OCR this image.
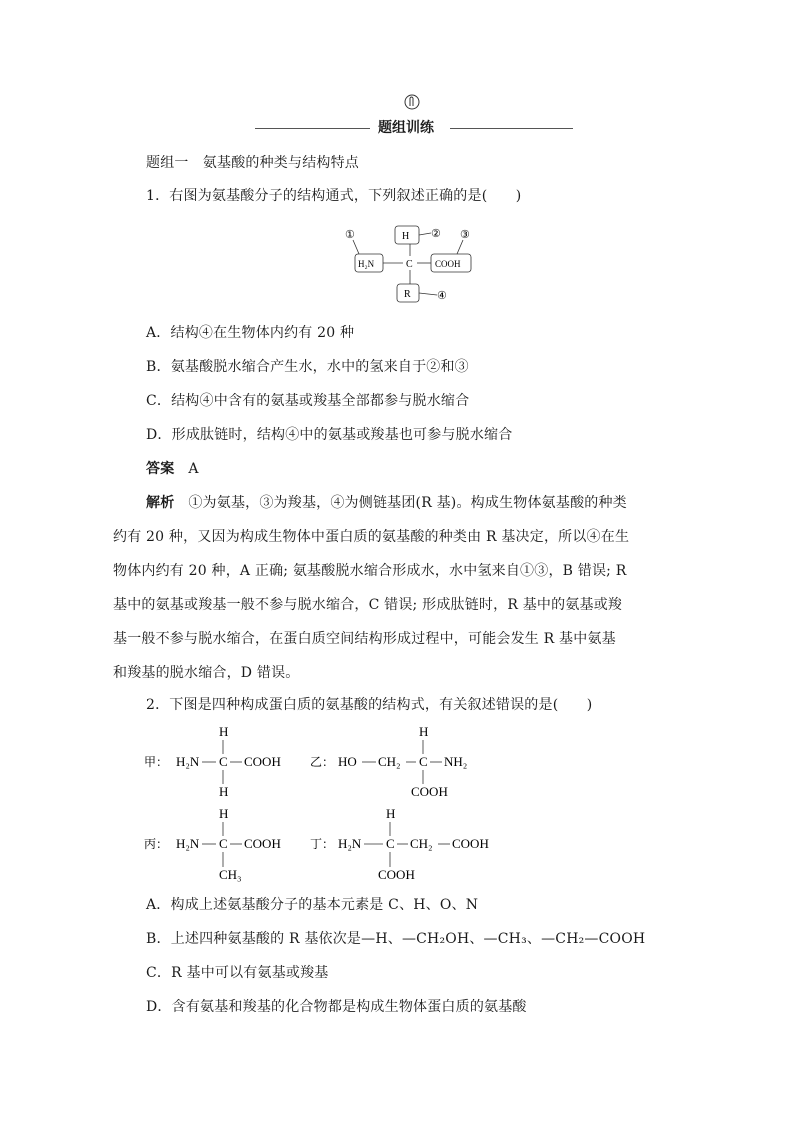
题组训练
题组一　氨基酸的种类与结构特点
1．右图为氨基酸分子的结构通式，下列叙述正确的是(　　)
H
H₂N	C COOH
R
①	② ③
④
A．结构④在生物体内约有 20 种
B．氨基酸脱水缩合产生水，水中的氢来自于②和③
C．结构④中含有的氨基或羧基全部都参与脱水缩合
D．形成肽链时，结构④中的氨基或羧基也可参与脱水缩合
答案 A
解析 ①为氨基，③为羧基，④为侧链基团(R 基)。构成生物体氨基酸的种类
约有 20 种，又因为构成生物体中蛋白质的氨基酸的种类由 R 基决定，所以④在生
物体内约有 20 种，A 正确; 氨基酸脱水缩合形成水，水中氢来自①③，B 错误; R
基中的氨基或羧基一般不参与脱水缩合，C 错误; 形成肽链时，R 基中的氨基或羧
基一般不参与脱水缩合，在蛋白质空间结构形成过程中，可能会发生 R 基中氨基
和羧基的脱水缩合，D 错误。
2．下图是四种构成蛋白质的氨基酸的结构式，有关叙述错误的是(　　)
甲：
H
H₂N C COOH
H
乙： HO CH₂
H
C NH₂
COOH
丙：
H
H₂N C COOH
CH₃
丁： H₂N
H
C CH₂ COOH
COOH
A．构成上述氨基酸分子的基本元素是 C、H、O、N
B．上述四种氨基酸的 R 基依次是—H、—CH₂OH、—CH₃、—CH₂—COOH
C．R 基中可以有氨基或羧基
D．含有氨基和羧基的化合物都是构成生物体蛋白质的氨基酸
